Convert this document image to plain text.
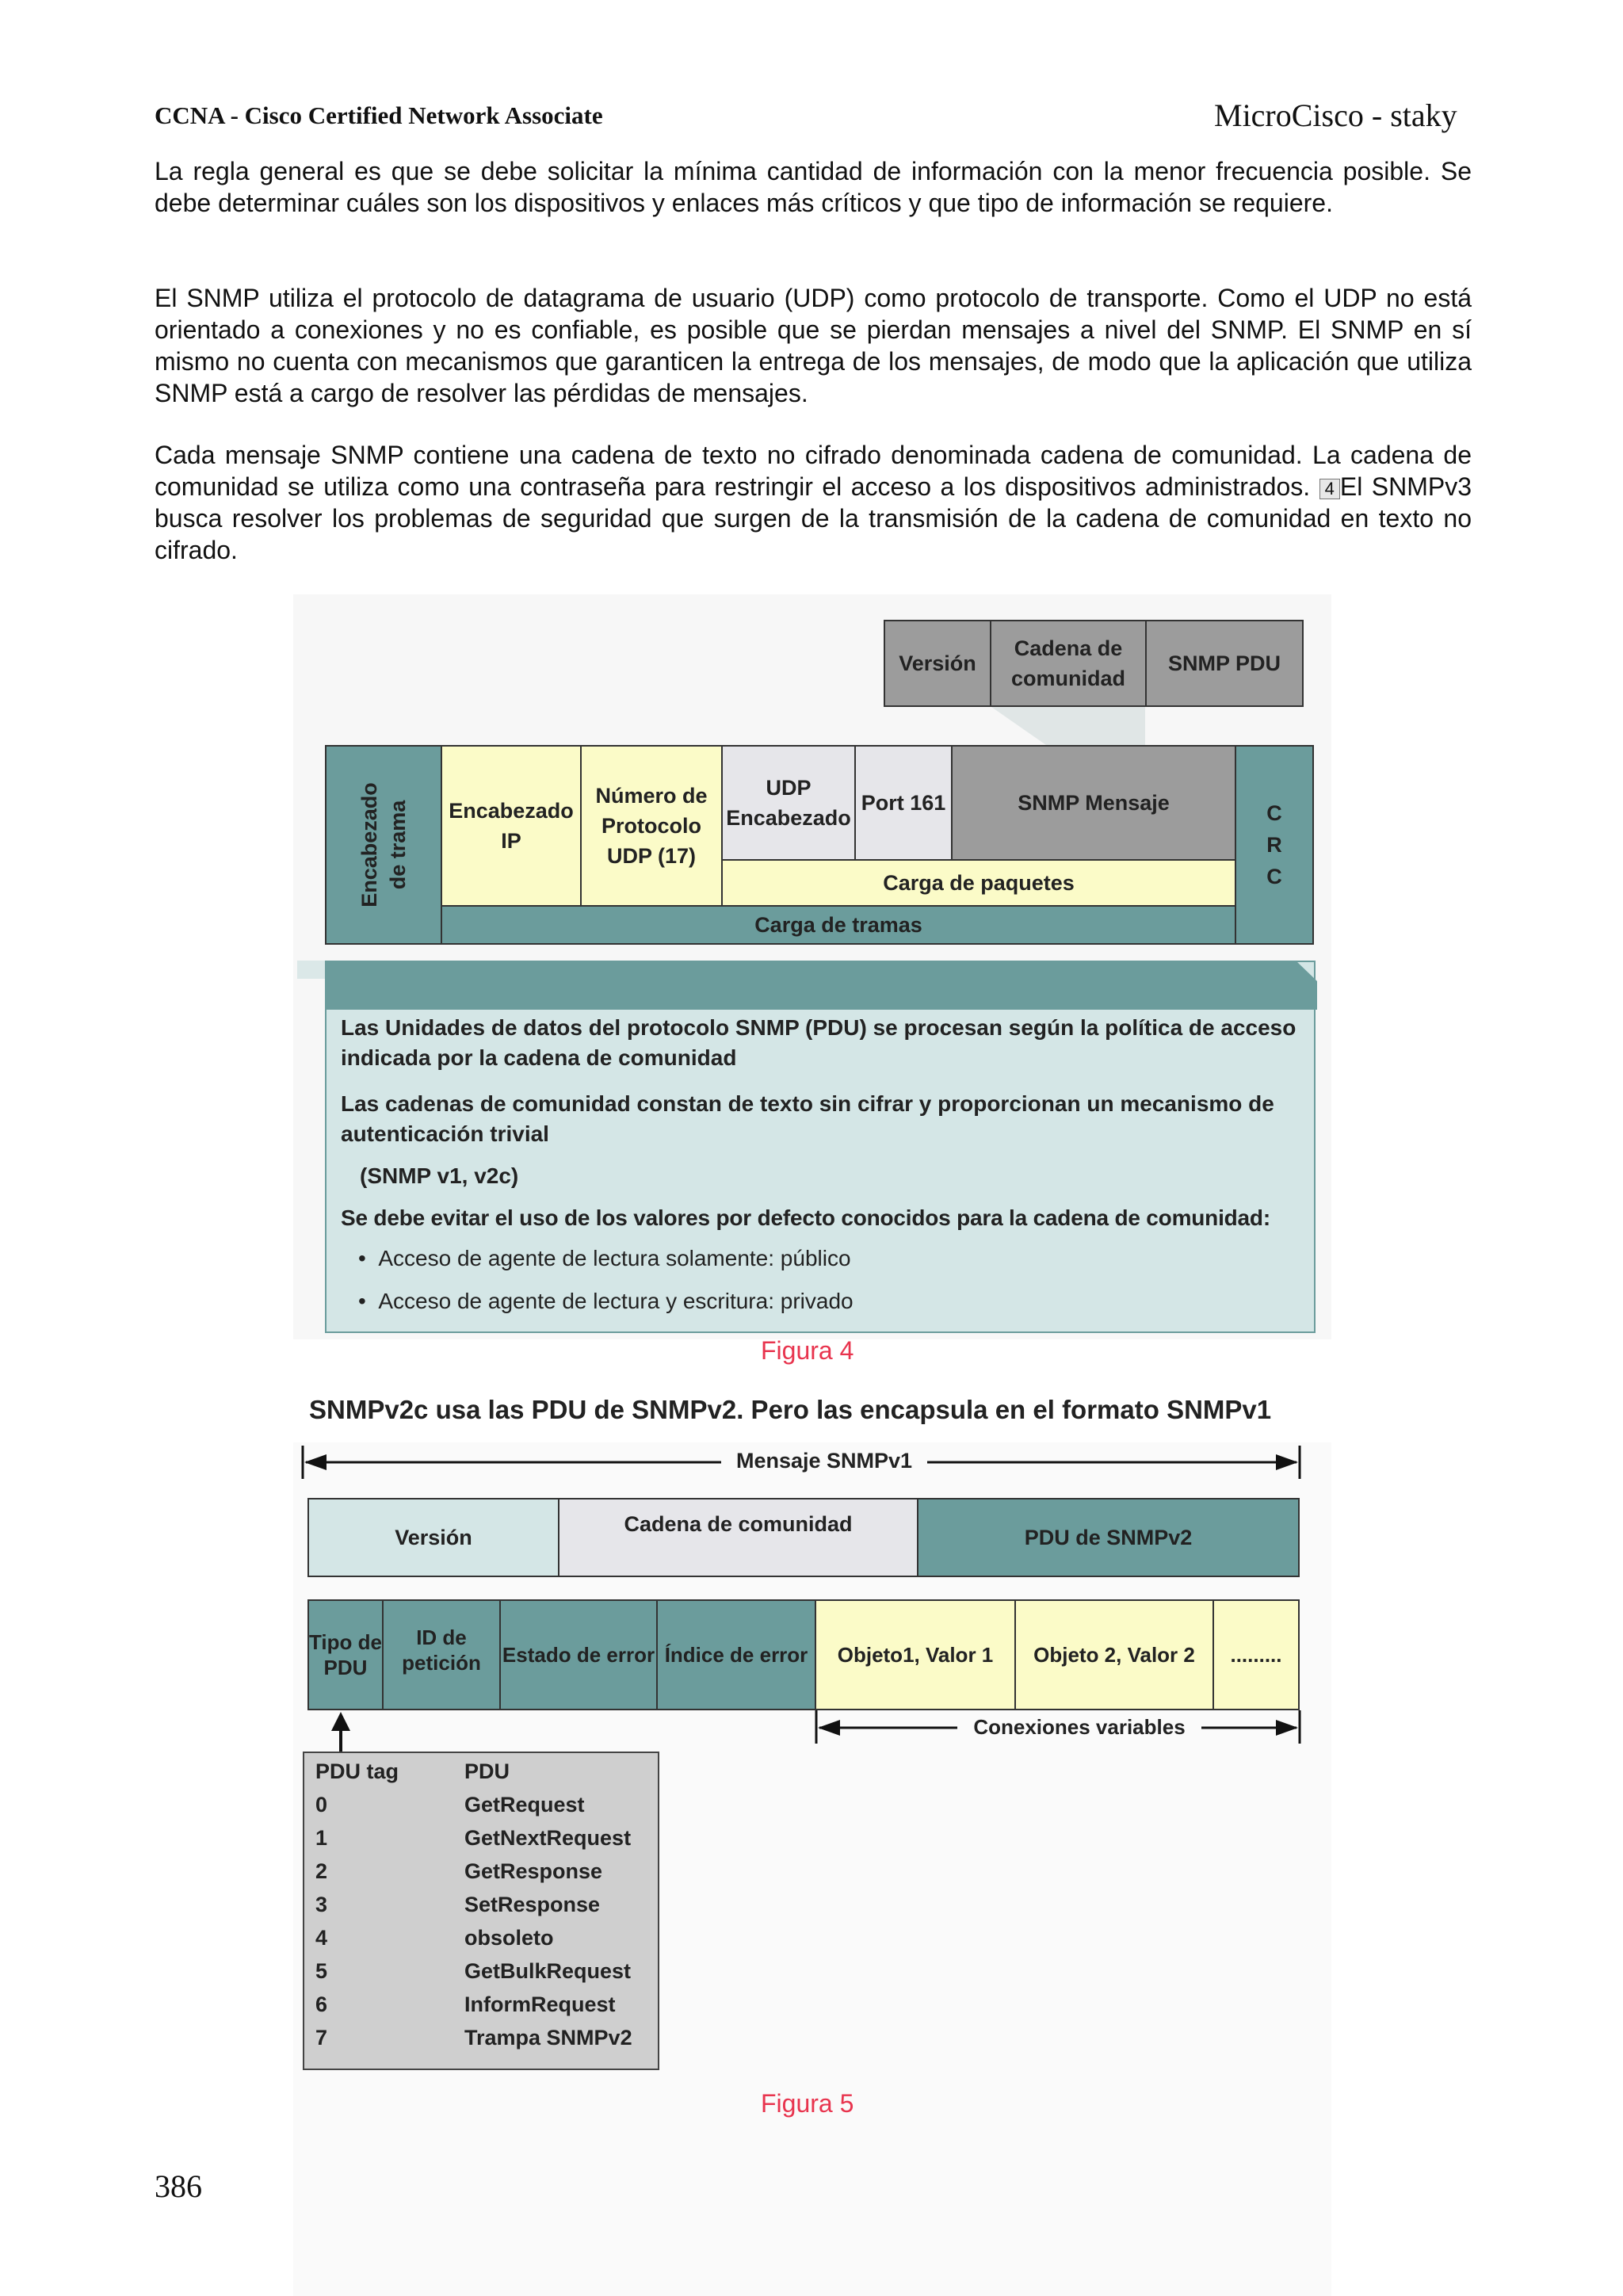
CCNA - Cisco Certified Network Associate	MicroCisco - staky
La regla general es que se debe solicitar la mínima cantidad de información con la menor frecuencia posible. Se debe determinar cuáles son los dispositivos y enlaces más críticos y que tipo de información se requiere.
El SNMP utiliza el protocolo de datagrama de usuario (UDP) como protocolo de transporte. Como el UDP no está orientado a conexiones y no es confiable, es posible que se pierdan mensajes a nivel del SNMP. El SNMP en sí mismo no cuenta con mecanismos que garanticen la entrega de los mensajes, de modo que la aplicación que utiliza SNMP está a cargo de resolver las pérdidas de mensajes.
Cada mensaje SNMP contiene una cadena de texto no cifrado denominada cadena de comunidad. La cadena de comunidad se utiliza como una contraseña para restringir el acceso a los dispositivos administrados. 4 El SNMPv3 busca resolver los problemas de seguridad que surgen de la transmisión de la cadena de comunidad en texto no cifrado.
Versión
Cadena de comunidad
SNMP PDU
Encabezado de trama	Encabezado IP
Número de Protocolo UDP (17)
UDP Encabezado
Port 161	SNMP Mensaje
Carga de paquetes
Carga de tramas
C R C
Las Unidades de datos del protocolo SNMP (PDU) se procesan según la política de acceso indicada por la cadena de comunidad
Las cadenas de comunidad constan de texto sin cifrar y proporcionan un mecanismo de autenticación trivial
(SNMP v1, v2c)
Se debe evitar el uso de los valores por defecto conocidos para la cadena de comunidad:
•  Acceso de agente de lectura solamente: público
•  Acceso de agente de lectura y escritura: privado
Figura 4
SNMPv2c usa las PDU de SNMPv2. Pero las encapsula en el formato SNMPv1
Mensaje SNMPv1
Versión
Cadena de comunidad
PDU de SNMPv2
Tipo de PDU
ID de petición	Estado de error Índice de error	Objeto1, Valor 1	Objeto 2, Valor 2	.........
Conexiones variables
PDU tag	PDU
0	GetRequest
1	GetNextRequest
2	GetResponse
3	SetResponse
4	obsoleto
5	GetBulkRequest
6	InformRequest
7	Trampa SNMPv2
Figura 5
386
